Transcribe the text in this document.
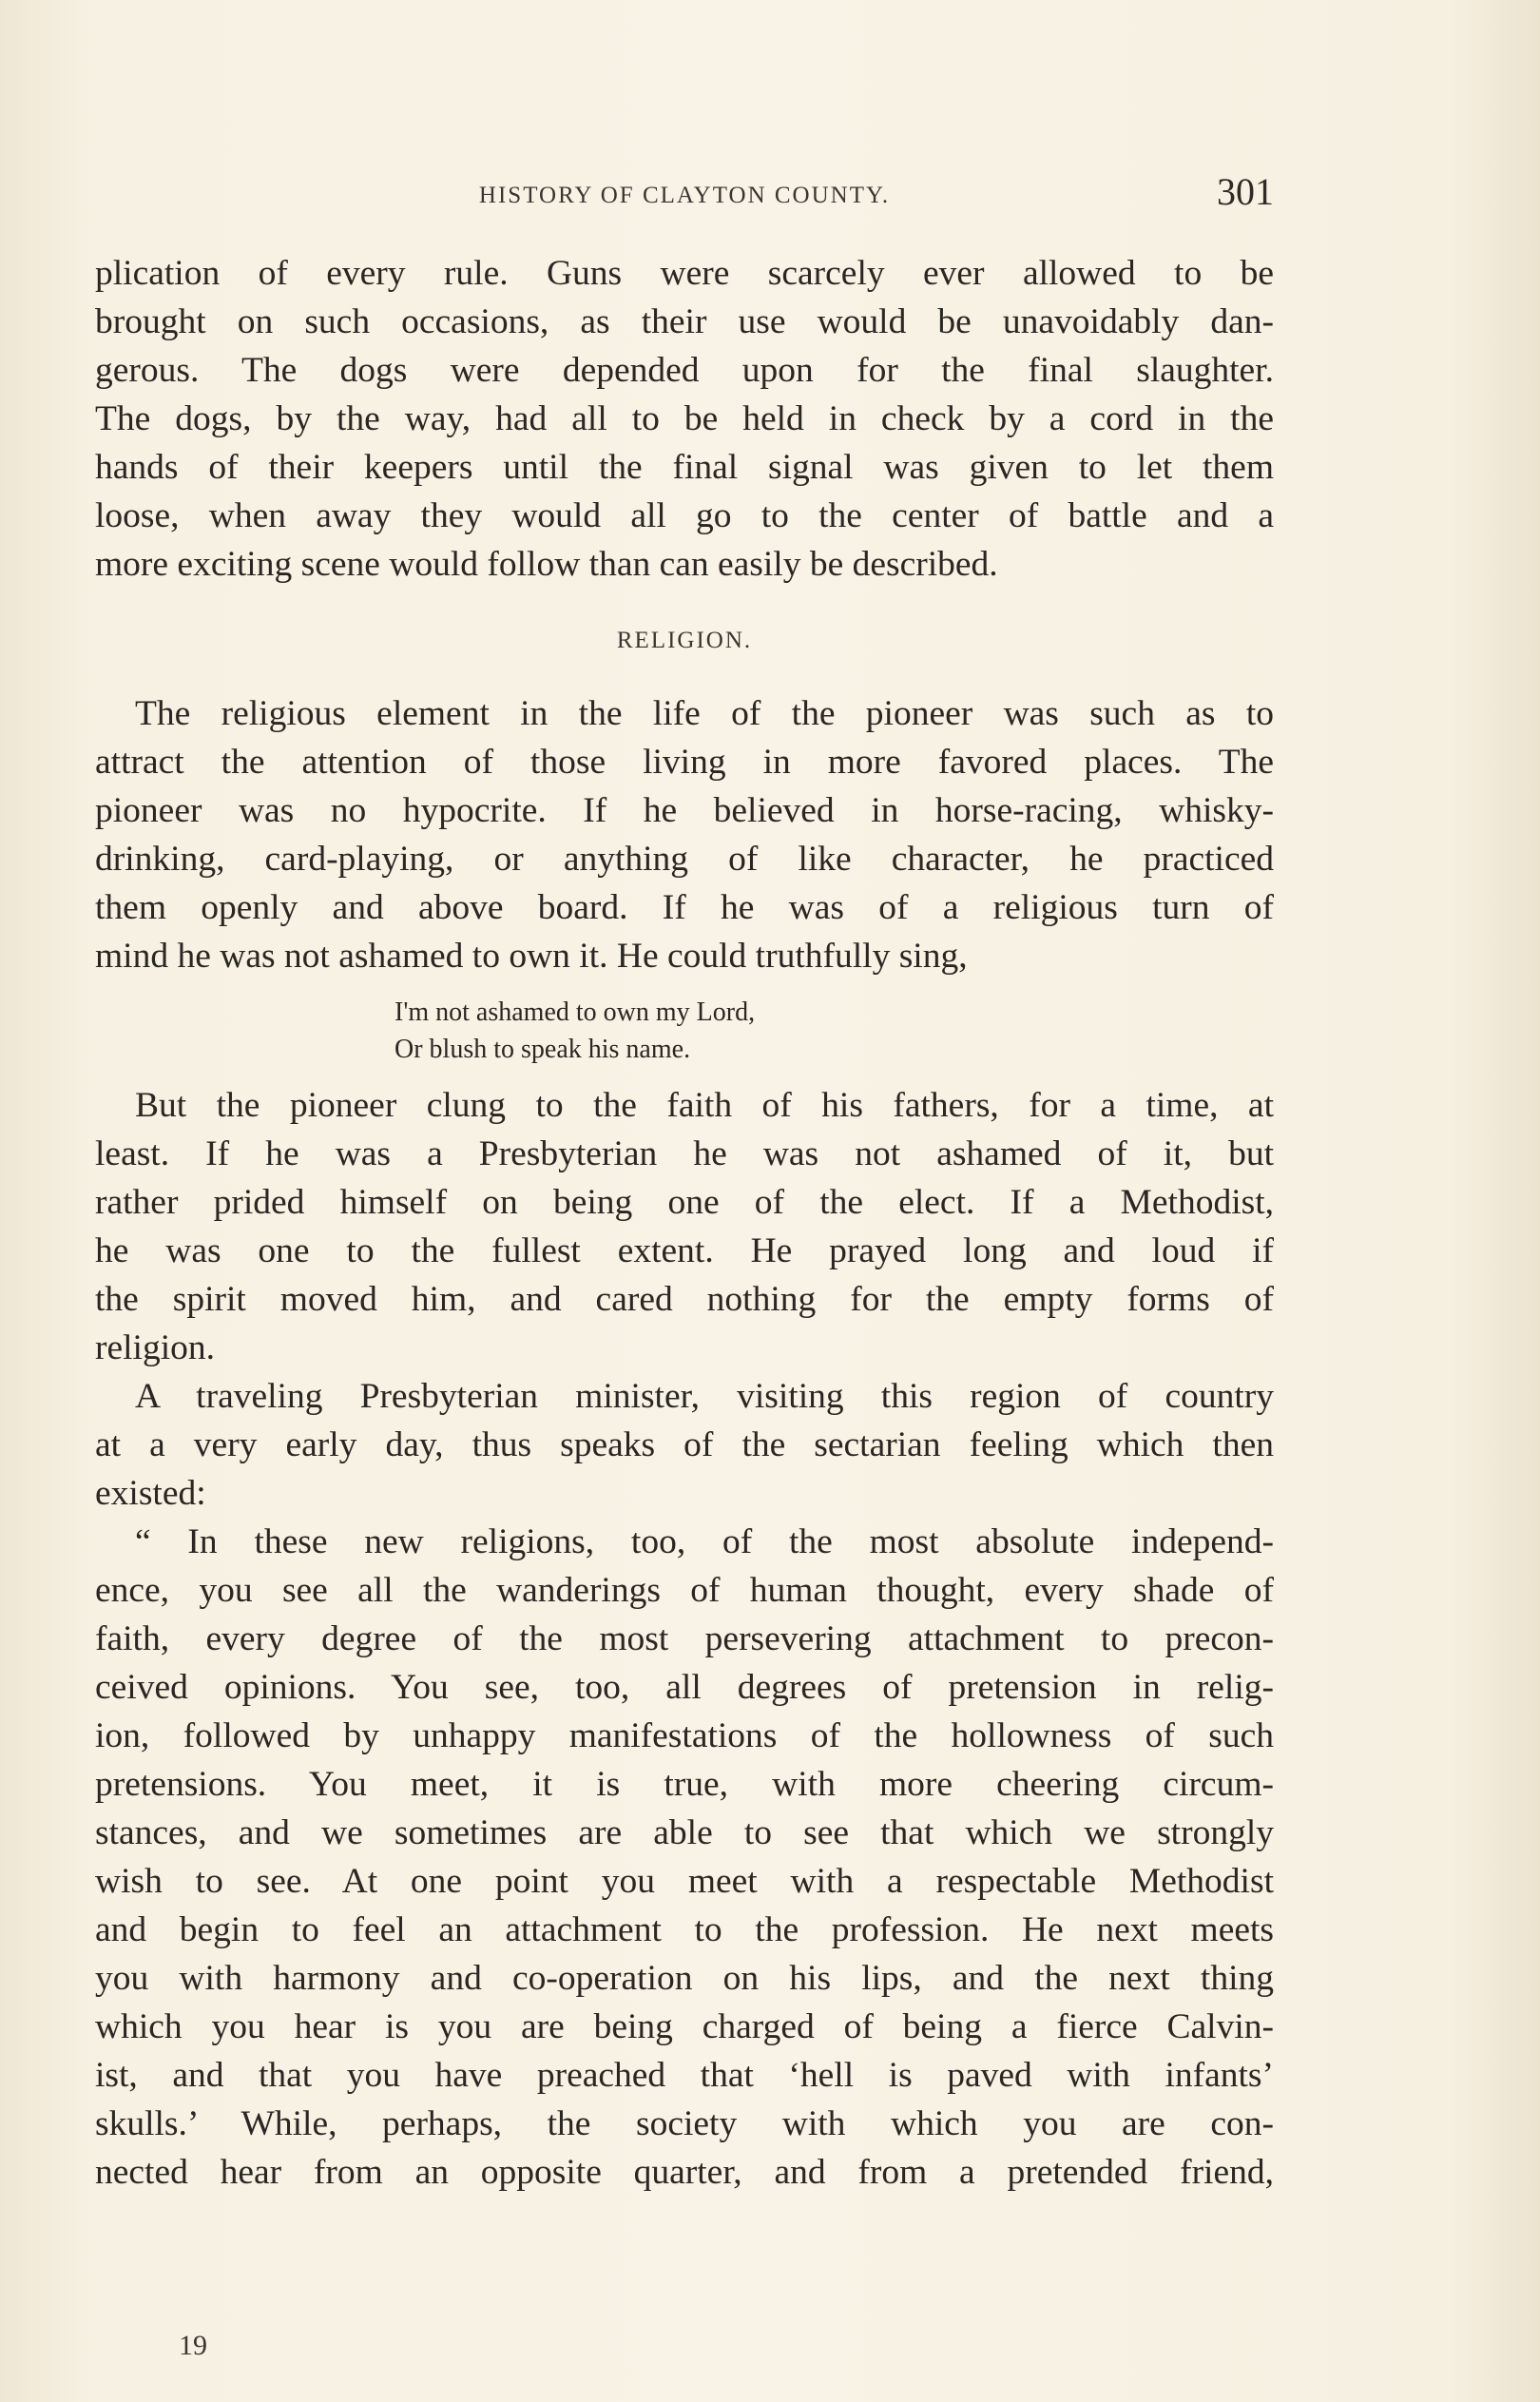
HISTORY OF CLAYTON COUNTY.	301
plication of every rule. Guns were scarcely ever allowed to be
brought on such occasions, as their use would be unavoidably dan-
gerous. The dogs were depended upon for the final slaughter.
The dogs, by the way, had all to be held in check by a cord in the
hands of their keepers until the final signal was given to let them
loose, when away they would all go to the center of battle and a
more exciting scene would follow than can easily be described.
RELIGION.
The religious element in the life of the pioneer was such as to
attract the attention of those living in more favored places. The
pioneer was no hypocrite. If he believed in horse-racing, whisky-
drinking, card-playing, or anything of like character, he practiced
them openly and above board. If he was of a religious turn of
mind he was not ashamed to own it. He could truthfully sing,
I'm not ashamed to own my Lord,
Or blush to speak his name.
But the pioneer clung to the faith of his fathers, for a time, at
least. If he was a Presbyterian he was not ashamed of it, but
rather prided himself on being one of the elect. If a Methodist,
he was one to the fullest extent. He prayed long and loud if
the spirit moved him, and cared nothing for the empty forms of
religion.
A traveling Presbyterian minister, visiting this region of country
at a very early day, thus speaks of the sectarian feeling which then
existed:
“ In these new religions, too, of the most absolute independ-
ence, you see all the wanderings of human thought, every shade of
faith, every degree of the most persevering attachment to precon-
ceived opinions. You see, too, all degrees of pretension in relig-
ion, followed by unhappy manifestations of the hollowness of such
pretensions. You meet, it is true, with more cheering circum-
stances, and we sometimes are able to see that which we strongly
wish to see. At one point you meet with a respectable Methodist
and begin to feel an attachment to the profession. He next meets
you with harmony and co-operation on his lips, and the next thing
which you hear is you are being charged of being a fierce Calvin-
ist, and that you have preached that ‘hell is paved with infants’
skulls.’ While, perhaps, the society with which you are con-
nected hear from an opposite quarter, and from a pretended friend,
19
